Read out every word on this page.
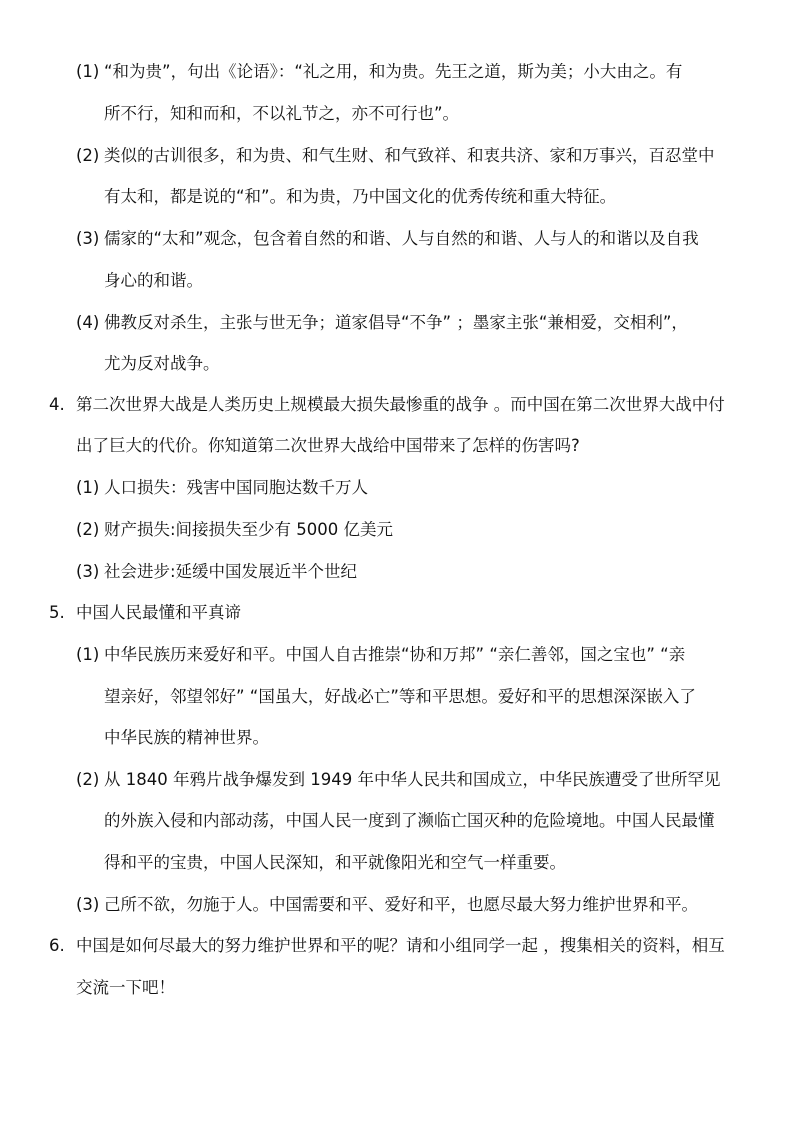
(1) “和为贵”，句出《论语》：“礼之用，和为贵。先王之道，斯为美；小大由之。有
所不行，知和而和，不以礼节之，亦不可行也”。
(2) 类似的古训很多，和为贵、和气生财、和气致祥、和衷共济、家和万事兴，百忍堂中
有太和，都是说的“和”。和为贵，乃中国文化的优秀传统和重大特征。
(3) 儒家的“太和”观念，包含着自然的和谐、人与自然的和谐、人与人的和谐以及自我
身心的和谐。
(4) 佛教反对杀生，主张与世无争；道家倡导“不争” ；墨家主张“兼相爱，交相利”，
尤为反对战争。
4. 第二次世界大战是人类历史上规模最大损失最惨重的战争 。而中国在第二次世界大战中付
出了巨大的代价。你知道第二次世界大战给中国带来了怎样的伤害吗?
(1) 人口损失：残害中国同胞达数千万人
(2) 财产损失:间接损失至少有 5000 亿美元
(3) 社会进步:延缓中国发展近半个世纪
5. 中国人民最懂和平真谛
(1) 中华民族历来爱好和平。中国人自古推崇“协和万邦” “亲仁善邻，国之宝也” “亲
望亲好，邻望邻好” “国虽大，好战必亡”等和平思想。爱好和平的思想深深嵌入了
中华民族的精神世界。
(2) 从 1840 年鸦片战争爆发到 1949 年中华人民共和国成立，中华民族遭受了世所罕见
的外族入侵和内部动荡，中国人民一度到了濒临亡国灭种的危险境地。中国人民最懂
得和平的宝贵，中国人民深知，和平就像阳光和空气一样重要。
(3) 己所不欲，勿施于人。中国需要和平、爱好和平，也愿尽最大努力维护世界和平。
6. 中国是如何尽最大的努力维护世界和平的呢？请和小组同学一起 ，搜集相关的资料，相互
交流一下吧！
